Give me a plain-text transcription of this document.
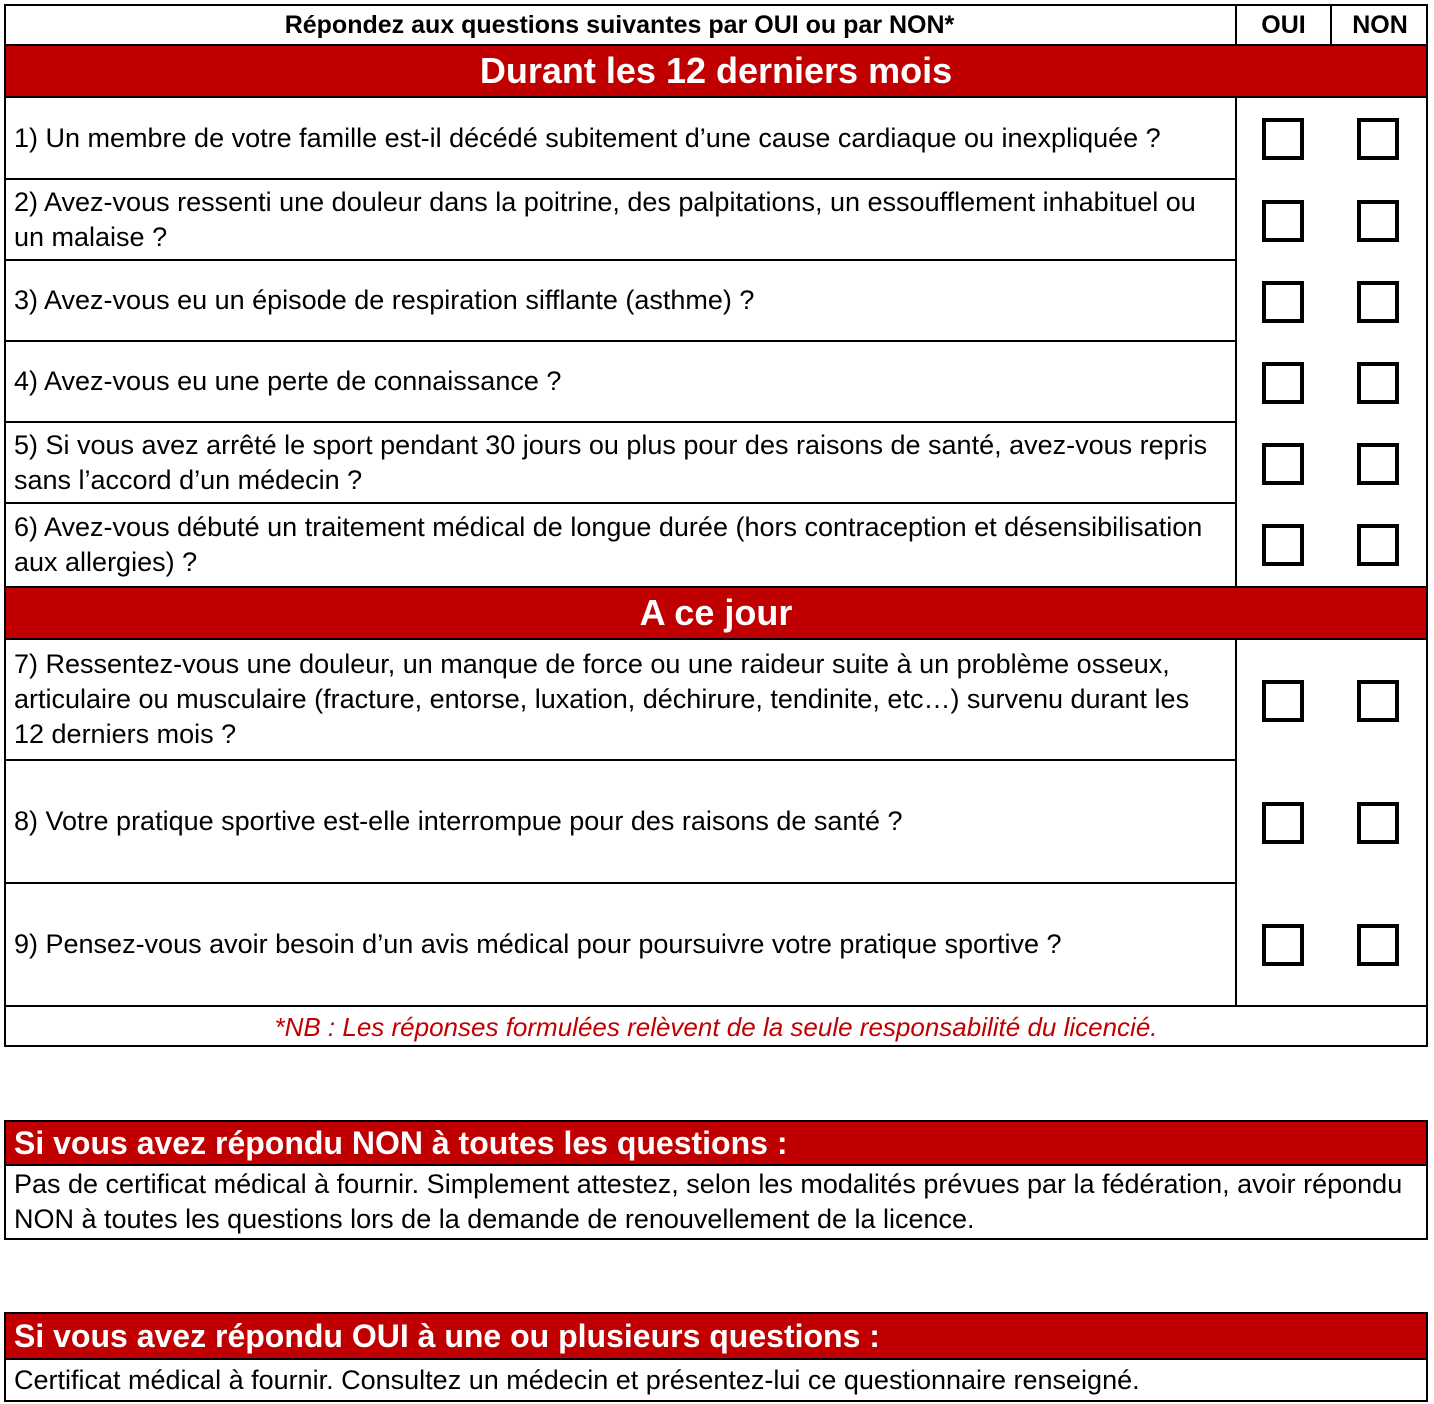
Répondez aux questions suivantes par OUI ou par NON*	OUI	NON
Durant les 12 derniers mois
1) Un membre de votre famille est-il décédé subitement d’une cause cardiaque ou inexpliquée ?
2) Avez-vous ressenti une douleur dans la poitrine, des palpitations, un essoufflement inhabituel ou
un malaise ?
3) Avez-vous eu un épisode de respiration sifflante (asthme) ?
4) Avez-vous eu une perte de connaissance ?
5) Si vous avez arrêté le sport pendant 30 jours ou plus pour des raisons de santé, avez-vous repris
sans l’accord d’un médecin ?
6) Avez-vous débuté un traitement médical de longue durée (hors contraception et désensibilisation
aux allergies) ?
A ce jour
7) Ressentez-vous une douleur, un manque de force ou une raideur suite à un problème osseux,
articulaire ou musculaire (fracture, entorse, luxation, déchirure, tendinite, etc…) survenu durant les
12 derniers mois ?
8) Votre pratique sportive est-elle interrompue pour des raisons de santé ?
9) Pensez-vous avoir besoin d’un avis médical pour poursuivre votre pratique sportive ?
*NB : Les réponses formulées relèvent de la seule responsabilité du licencié.
Si vous avez répondu NON à toutes les questions :
Pas de certificat médical à fournir. Simplement attestez, selon les modalités prévues par la fédération, avoir répondu
NON à toutes les questions lors de la demande de renouvellement de la licence.
Si vous avez répondu OUI à une ou plusieurs questions :
Certificat médical à fournir. Consultez un médecin et présentez-lui ce questionnaire renseigné.
